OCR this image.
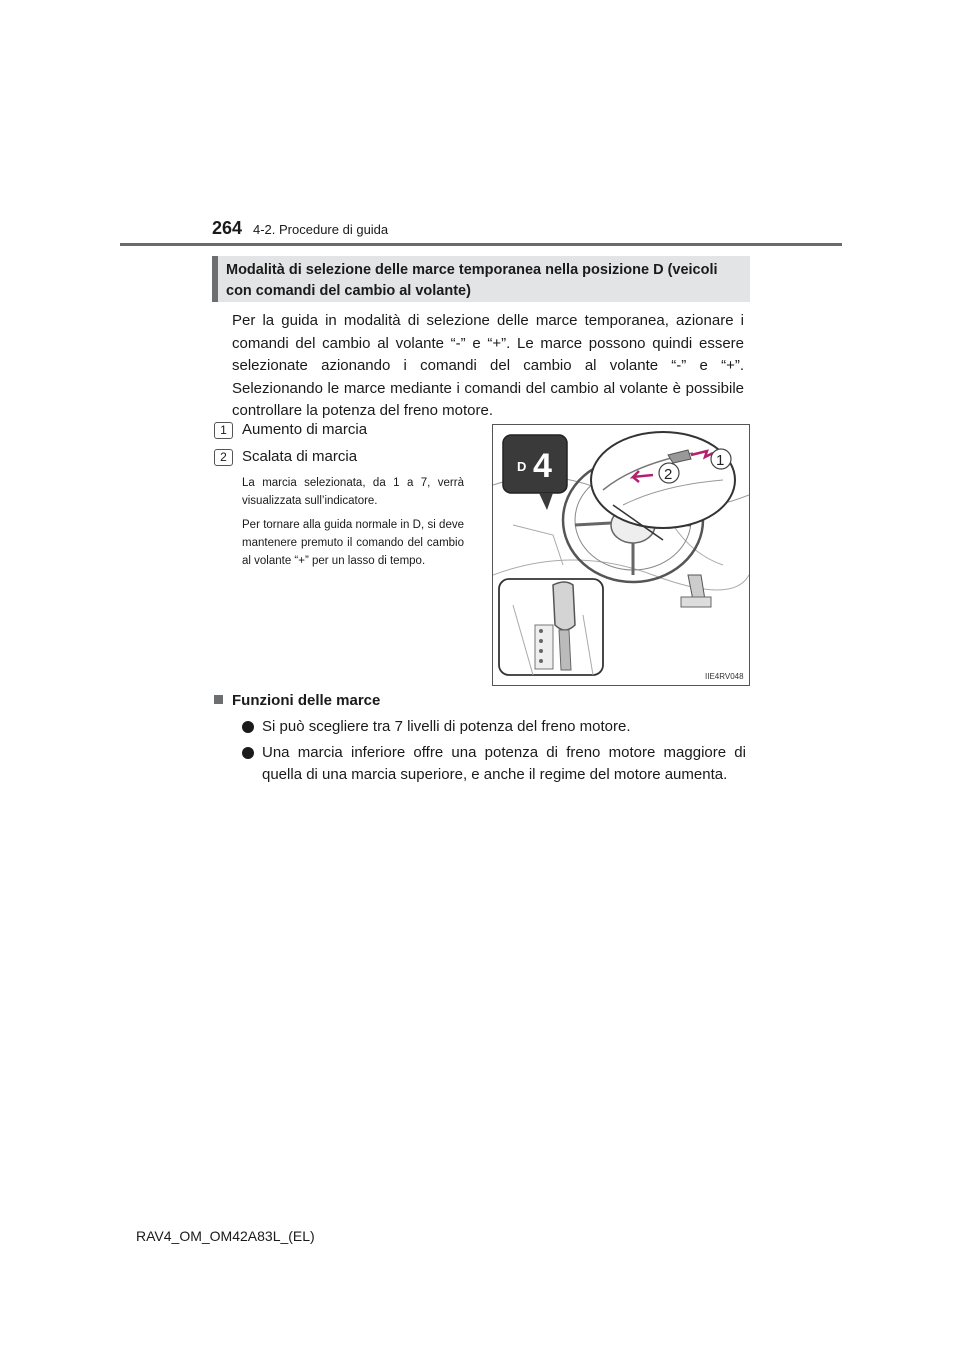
264 4-2. Procedure di guida
Modalità di selezione delle marce temporanea nella posizione D (veicoli con comandi del cambio al volante)
Per la guida in modalità di selezione delle marce temporanea, azionare i comandi del cambio al volante “-” e “+”. Le marce possono quindi essere selezionate azionando i comandi del cambio al volante “-” e “+”. Selezionando le marce mediante i comandi del cambio al volante è possibile controllare la potenza del freno motore.
1	Aumento di marcia
2	Scalata di marcia
La marcia selezionata, da 1 a 7, verrà visualizzata sull’indicatore.
Per tornare alla guida normale in D, si deve mantenere premuto il comando del cambio al volante “+” per un lasso di tempo.
D 4	1
2
IIE4RV048
Funzioni delle marce
Si può scegliere tra 7 livelli di potenza del freno motore.
Una marcia inferiore offre una potenza di freno motore maggiore di quella di una marcia superiore, e anche il regime del motore aumenta.
RAV4_OM_OM42A83L_(EL)
